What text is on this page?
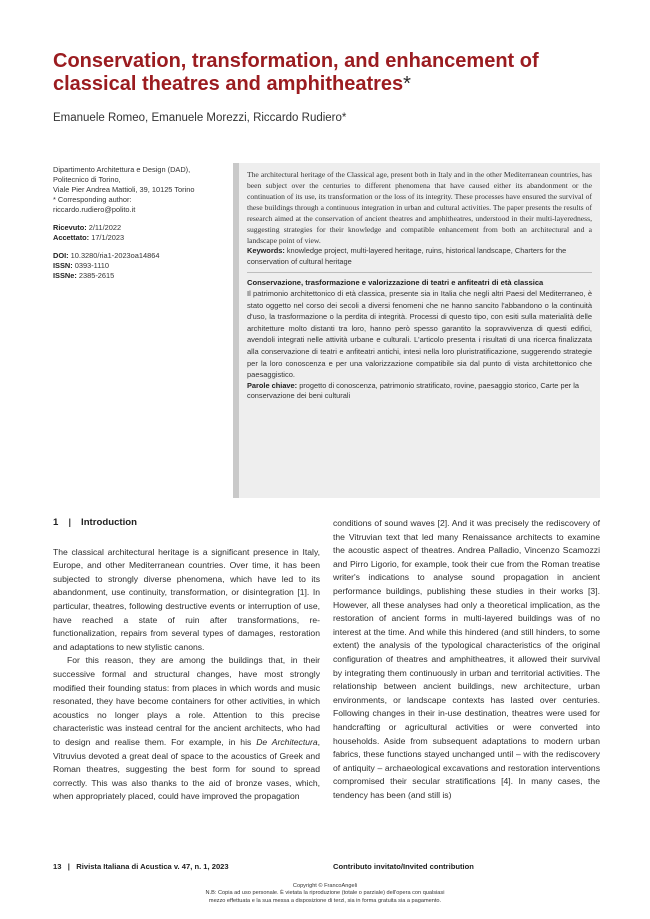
Conservation, transformation, and enhancement of classical theatres and amphitheatres*

Emanuele Romeo, Emanuele Morezzi, Riccardo Rudiero*

Dipartimento Architettura e Design (DAD),

Politecnico di Torino,

Viale Pier Andrea Mattioli, 39, 10125 Torino

* Corresponding author:

riccardo.rudiero@polito.it

Ricevuto: 2/11/2022

Accettato: 17/1/2023

DOI: 10.3280/ria1-2023oa14864

ISSN: 0393-1110

ISSNe: 2385-2615

The architectural heritage of the Classical age, present both in Italy and in the other Mediterranean countries, has been subject over the centuries to different phenomena that have caused either its abandonment or the continuation of its use, its transformation or the loss of its integrity. These processes have ensured the survival of these buildings through a continuous integration in urban and cultural activities. The paper presents the results of research aimed at the conservation of ancient theatres and amphitheatres, understood in their multi-layeredness, suggesting strategies for their knowledge and compatible enhancement from both an architectural and a landscape point of view.

Keywords: knowledge project, multi-layered heritage, ruins, historical landscape, Charters for the conservation of cultural heritage

Conservazione, trasformazione e valorizzazione di teatri e anfiteatri di età classica

Il patrimonio architettonico di età classica, presente sia in Italia che negli altri Paesi del Mediterraneo, è stato oggetto nel corso dei secoli a diversi fenomeni che ne hanno sancito l'abbandono o la continuità d'uso, la trasformazione o la perdita di integrità. Processi di questo tipo, con esiti sulla materialità delle architetture molto distanti tra loro, hanno però spesso garantito la sopravvivenza di questi edifici, avendoli integrati nelle attività urbane e culturali. L'articolo presenta i risultati di una ricerca finalizzata alla conservazione di teatri e anfiteatri antichi, intesi nella loro pluristratificazione, suggerendo strategie per la loro conoscenza e per una valorizzazione compatibile sia dal punto di vista architettonico che paesaggistico.

Parole chiave: progetto di conoscenza, patrimonio stratificato, rovine, paesaggio storico, Carte per la conservazione dei beni culturali

1 | Introduction

The classical architectural heritage is a significant presence in Italy, Europe, and other Mediterranean countries. Over time, it has been subjected to strongly diverse phenomena, which have led to its abandonment, use continuity, transformation, or disintegration [1]. In particular, theatres, following destructive events or interruption of use, have reached a state of ruin after transformations, re-functionalization, repairs from several types of damages, restoration and adaptations to new stylistic canons.

For this reason, they are among the buildings that, in their successive formal and structural changes, have most strongly modified their founding status: from places in which words and music resonated, they have become containers for other activities, in which acoustics no longer plays a role. Attention to this precise characteristic was instead central for the ancient architects, who had to design and realise them. For example, in his De Architectura, Vitruvius devoted a great deal of space to the acoustics of Greek and Roman theatres, suggesting the best form for sound to spread correctly. This was also thanks to the aid of bronze vases, which, when appropriately placed, could have improved the propagation

conditions of sound waves [2]. And it was precisely the rediscovery of the Vitruvian text that led many Renaissance architects to examine the acoustic aspect of theatres. Andrea Palladio, Vincenzo Scamozzi and Pirro Ligorio, for example, took their cue from the Roman treatise writer's indications to analyse sound propagation in ancient performance buildings, publishing these studies in their works [3]. However, all these analyses had only a theoretical implication, as the restoration of ancient forms in multi-layered buildings was of no interest at the time. And while this hindered (and still hinders, to some extent) the analysis of the typological characteristics of the original configuration of theatres and amphitheatres, it allowed their survival by integrating them continuously in urban and territorial activities. The relationship between ancient buildings, new architecture, urban environments, or landscape contexts has lasted over centuries. Following changes in their in-use destination, theatres were used for handcrafting or agricultural activities or were converted into households. Aside from subsequent adaptations to modern urban fabrics, these functions stayed unchanged until – with the rediscovery of antiquity – archaeological excavations and restoration interventions compromised their secular stratifications [4]. In many cases, the tendency has been (and still is)

13 | Rivista Italiana di Acustica v. 47, n. 1, 2023	Contributo invitato/Invited contribution

Copyright © FrancoAngeli

N.B: Copia ad uso personale. È vietata la riproduzione (totale o parziale) dell'opera con qualsiasi

mezzo effettuata e la sua messa a disposizione di terzi, sia in forma gratuita sia a pagamento.
